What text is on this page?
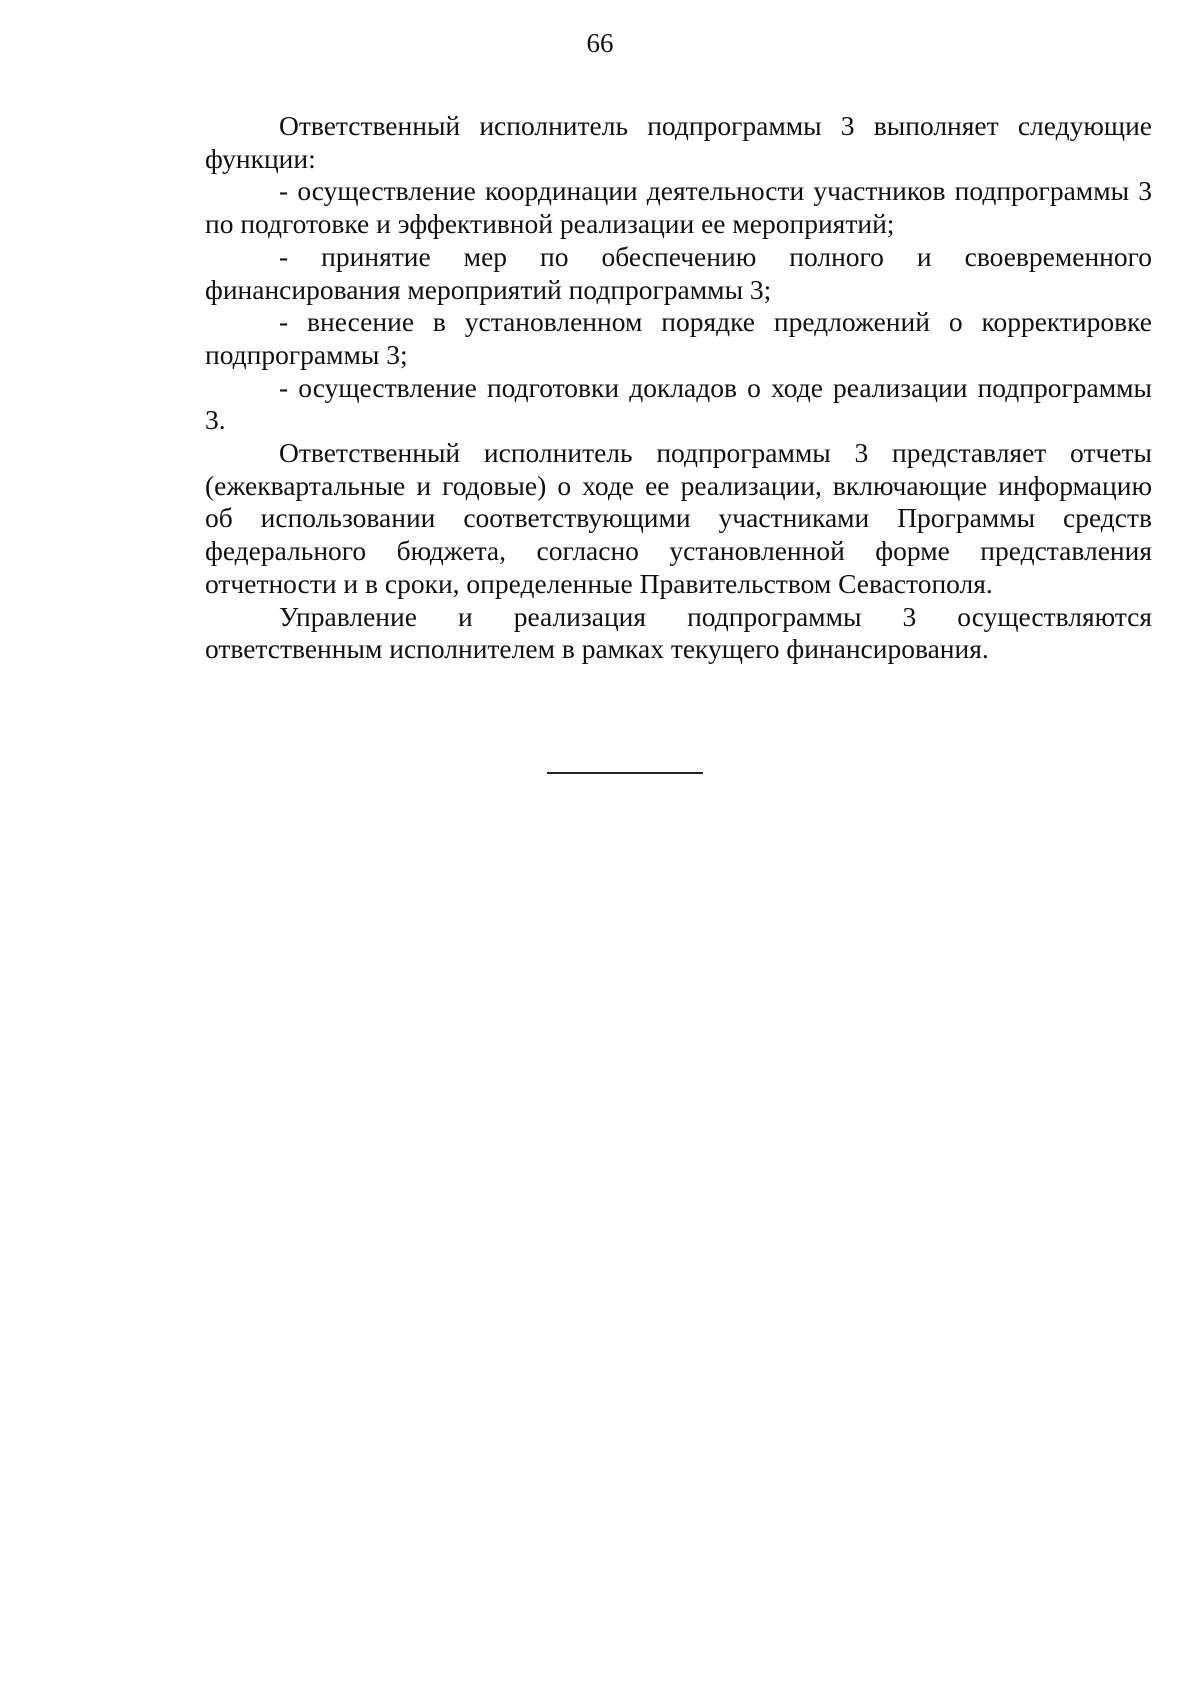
66

Ответственный исполнитель подпрограммы 3 выполняет следующие функции:

- осуществление координации деятельности участников подпрограммы 3 по подготовке и эффективной реализации ее мероприятий;

- принятие мер по обеспечению полного и своевременного финансирования мероприятий подпрограммы 3;

- внесение в установленном порядке предложений о корректировке подпрограммы 3;

- осуществление подготовки докладов о ходе реализации подпрограммы 3.

Ответственный исполнитель подпрограммы 3 представляет отчеты (ежеквартальные и годовые) о ходе ее реализации, включающие информацию об использовании соответствующими участниками Программы средств федерального бюджета, согласно установленной форме представления отчетности и в сроки, определенные Правительством Севастополя.

Управление и реализация подпрограммы 3 осуществляются ответственным исполнителем в рамках текущего финансирования.
